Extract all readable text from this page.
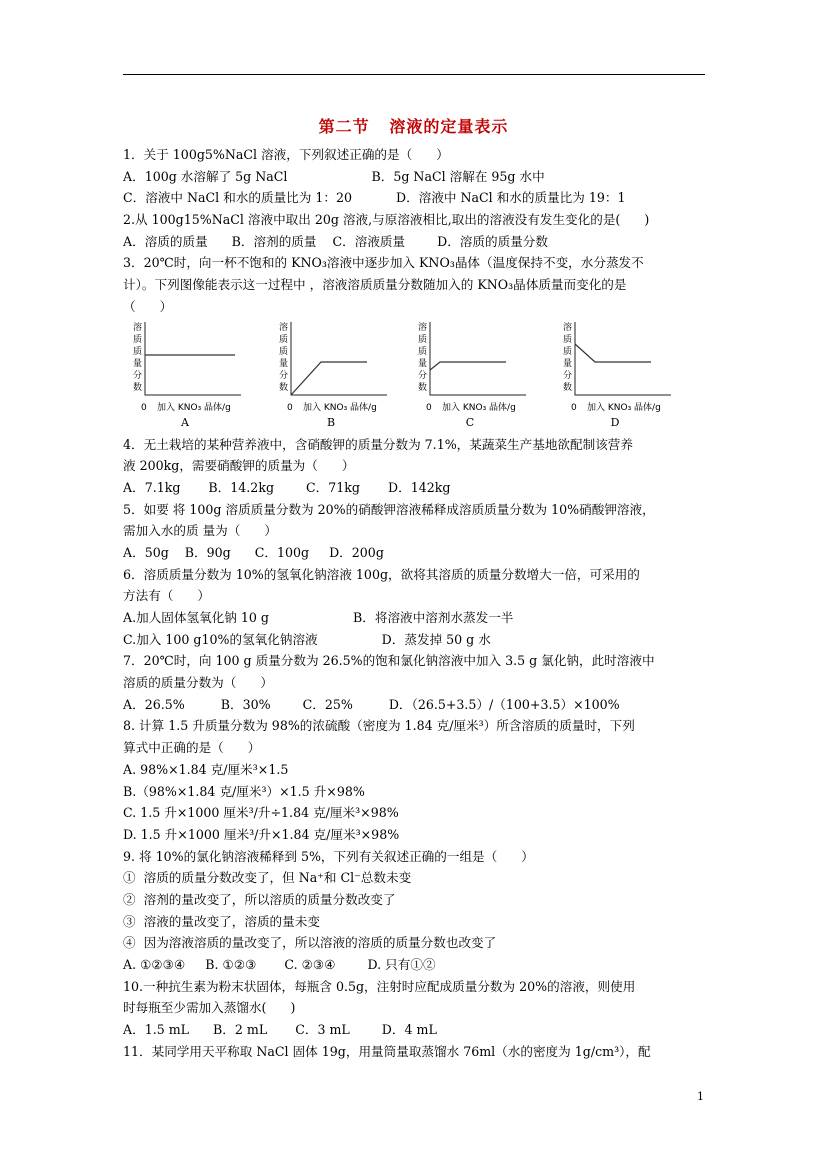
第二节   溶液的定量表示
1．关于 100g5%NaCl 溶液，下列叙述正确的是（      ）
A．100g 水溶解了 5g NaCl                     B．5g NaCl 溶解在 95g 水中
C．溶液中 NaCl 和水的质量比为 1：20           D．溶液中 NaCl 和水的质量比为 19：1
2.从 100g15%NaCl 溶液中取出 20g 溶液,与原溶液相比,取出的溶液没有发生变化的是(      )
A．溶质的质量      B．溶剂的质量    C．溶液质量        D．溶质的质量分数
3．20℃时，向一杯不饱和的 KNO₃溶液中逐步加入 KNO₃晶体（温度保持不变，水分蒸发不
计）。下列图像能表示这一过程中 ，溶液溶质质量分数随加入的 KNO₃晶体质量而变化的是
（      ）
溶
质
质
量
分
数
0 加入 KNO₃ 晶体/g
A
溶
质
质
量
分
数
0 加入 KNO₃ 晶体/g
B
溶
质
质
量
分
数
0 加入 KNO₃ 晶体/g
C
溶
质
质
量
分
数
0 加入 KNO₃ 晶体/g
D
4．无土栽培的某种营养液中，含硝酸钾的质量分数为 7.1%，某蔬菜生产基地欲配制该营养
液 200kg，需要硝酸钾的质量为（      ）
A．7.1kg       B．14.2kg        C．71kg       D．142kg
5．如要 将 100g 溶质质量分数为 20%的硝酸钾溶液稀释成溶质质量分数为 10%硝酸钾溶液，
需加入水的质 量为（      ）
A．50g    B．90g      C．100g     D．200g
6．溶质质量分数为 10%的氢氧化钠溶液 100g，欲将其溶质的质量分数增大一倍，可采用的
方法有（      ）
A.加人固体氢氧化钠 10 g                     B．将溶液中溶剂水蒸发一半
C.加入 100 g10%的氢氧化钠溶液                D．蒸发掉 50 g 水
7．20℃时，向 100 g 质量分数为 26.5%的饱和氯化钠溶液中加入 3.5 g 氯化钠，此时溶液中
溶质的质量分数为（      ）
A．26.5%         B．30%        C．25%         D．（26.5+3.5）/（100+3.5）×100%
8. 计算 1.5 升质量分数为 98%的浓硫酸（密度为 1.84 克/厘米³）所含溶质的质量时，下列
算式中正确的是（      ）
A. 98%×1.84 克/厘米³×1.5
B.（98%×1.84 克/厘米³）×1.5 升×98%
C. 1.5 升×1000 厘米³/升÷1.84 克/厘米³×98%
D. 1.5 升×1000 厘米³/升×1.84 克/厘米³×98%
9. 将 10%的氯化钠溶液稀释到 5%，下列有关叙述正确的一组是（      ）
①  溶质的质量分数改变了，但 Na⁺和 Cl⁻总数未变
②  溶剂的量改变了，所以溶质的质量分数改变了
③  溶液的量改变了，溶质的量未变
④  因为溶液溶质的量改变了，所以溶液的溶质的质量分数也改变了
A. ①②③④     B. ①②③       C. ②③④        D. 只有①②
10.一种抗生素为粉末状固体，每瓶含 0.5g，注射时应配成质量分数为 20%的溶液，则使用
时每瓶至少需加入蒸馏水(      )
A．1.5 mL      B．2 mL       C．3 mL        D．4 mL
11．某同学用天平称取 NaCl 固体 19g，用量筒量取蒸馏水 76ml（水的密度为 1g/cm³），配
1
